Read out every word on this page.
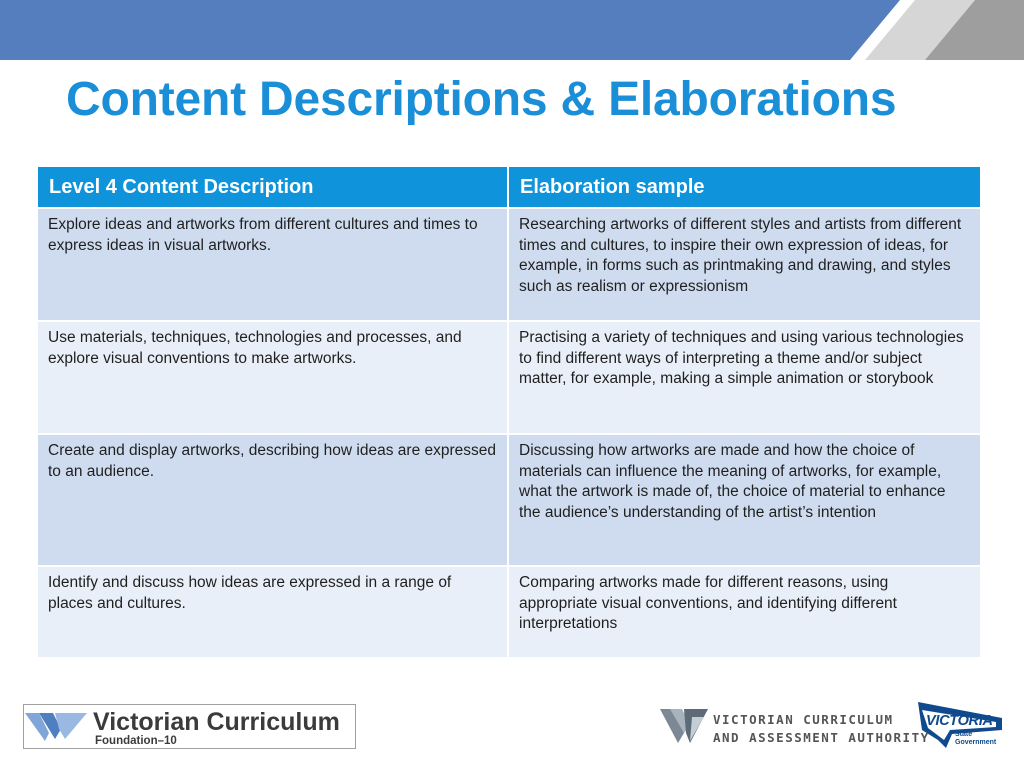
Content Descriptions & Elaborations
Level 4 Content Description	Elaboration sample
Explore ideas and artworks from different cultures and times to express ideas in visual artworks.	Researching artworks of different styles and artists from different times and cultures, to inspire their own expression of ideas, for example, in forms such as printmaking and drawing, and styles such as realism or expressionism
Use materials, techniques, technologies and processes, and explore visual conventions to make artworks.	Practising a variety of techniques and using various technologies to find different ways of interpreting a theme and/or subject matter, for example, making a simple animation or storybook
Create and display artworks, describing how ideas are expressed to an audience.	Discussing how artworks are made and how the choice of materials can influence the meaning of artworks, for example, what the artwork is made of, the choice of material to enhance the audience’s understanding of the artist’s intention
Identify and discuss how ideas are expressed in a range of places and cultures.	Comparing artworks made for different reasons, using appropriate visual conventions, and identifying different interpretations
Victorian Curriculum
Foundation–10
VICTORIAN CURRICULUM
AND ASSESSMENT AUTHORITY
VICTORIA
State
Government
